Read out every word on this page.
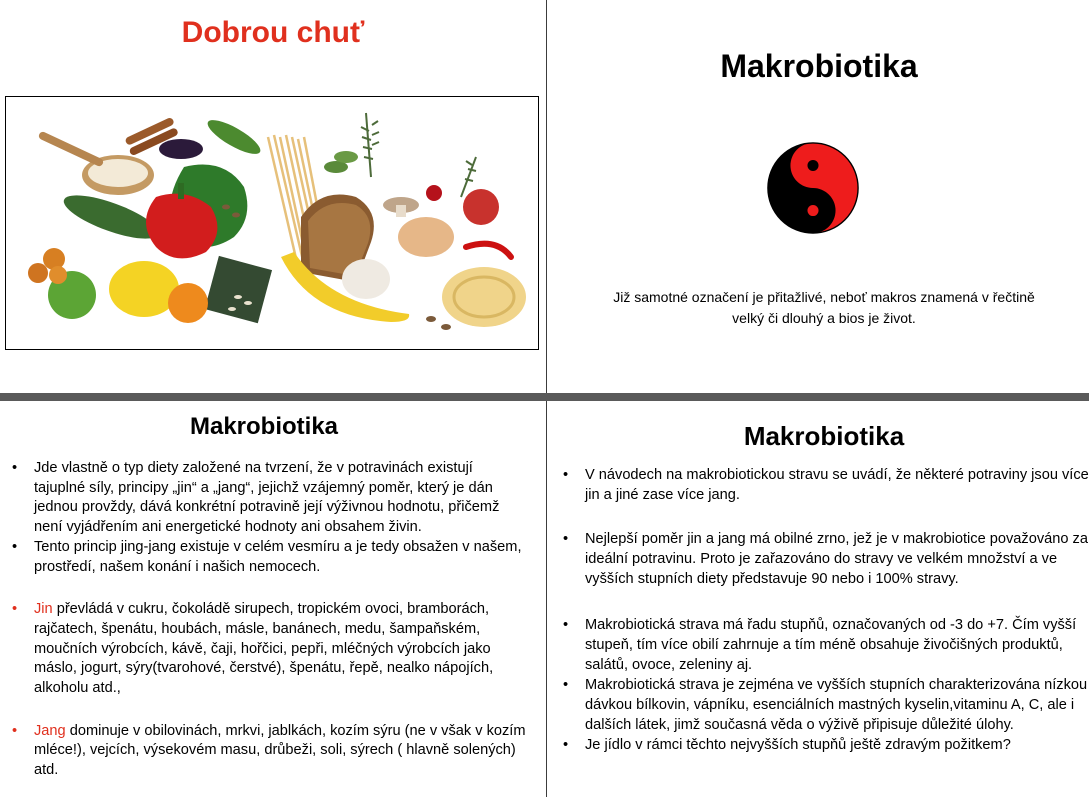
Dobrou chuť
Makrobiotika
Již samotné označení je přitažlivé, neboť makros znamená v řečtině
velký či dlouhý a bios je život.
Makrobiotika
• Jde vlastně o typ diety založené na tvrzení, že v potravinách existují tajuplné síly, principy „jin“ a „jang“, jejichž vzájemný poměr, který je dán jednou provždy, dává konkrétní potravině její výživnou hodnotu, přičemž není vyjádřením ani energetické hodnoty ani obsahem živin.
• Tento princip jing-jang existuje v celém vesmíru a je tedy obsažen v našem, prostředí, našem konání i našich nemocech.
• Jin převládá v cukru, čokoládě sirupech, tropickém ovoci, bramborách, rajčatech, špenátu, houbách, másle, banánech, medu, šampaňském, moučních výrobcích, kávě, čaji, hořčici, pepři, mléčných výrobcích jako máslo, jogurt, sýry(tvarohové, čerstvé), špenátu, řepě, nealko nápojích, alkoholu atd.,
• Jang dominuje v obilovinách, mrkvi, jablkách, kozím sýru (ne v však v kozím mléce!), vejcích, výsekovém masu, drůbeži, soli, sýrech ( hlavně solených) atd.
Makrobiotika
• V návodech na makrobiotickou stravu se uvádí, že některé potraviny jsou více jin a jiné zase více jang.
• Nejlepší poměr jin a jang má obilné zrno, jež je v makrobiotice považováno za ideální potravinu. Proto je zařazováno do stravy ve velkém množství a ve vyšších stupních diety představuje 90 nebo i 100% stravy.
• Makrobiotická strava má řadu stupňů, označovaných od -3 do +7. Čím vyšší stupeň, tím více obilí zahrnuje a tím méně obsahuje živočišných produktů, salátů, ovoce, zeleniny aj.
• Makrobiotická strava je zejména ve vyšších stupních charakterizována nízkou dávkou bílkovin, vápníku, esenciálních mastných kyselin,vitaminu A, C, ale i dalších látek, jimž současná věda o výživě připisuje důležité úlohy.
• Je jídlo v rámci těchto nejvyšších stupňů ještě zdravým požitkem?
